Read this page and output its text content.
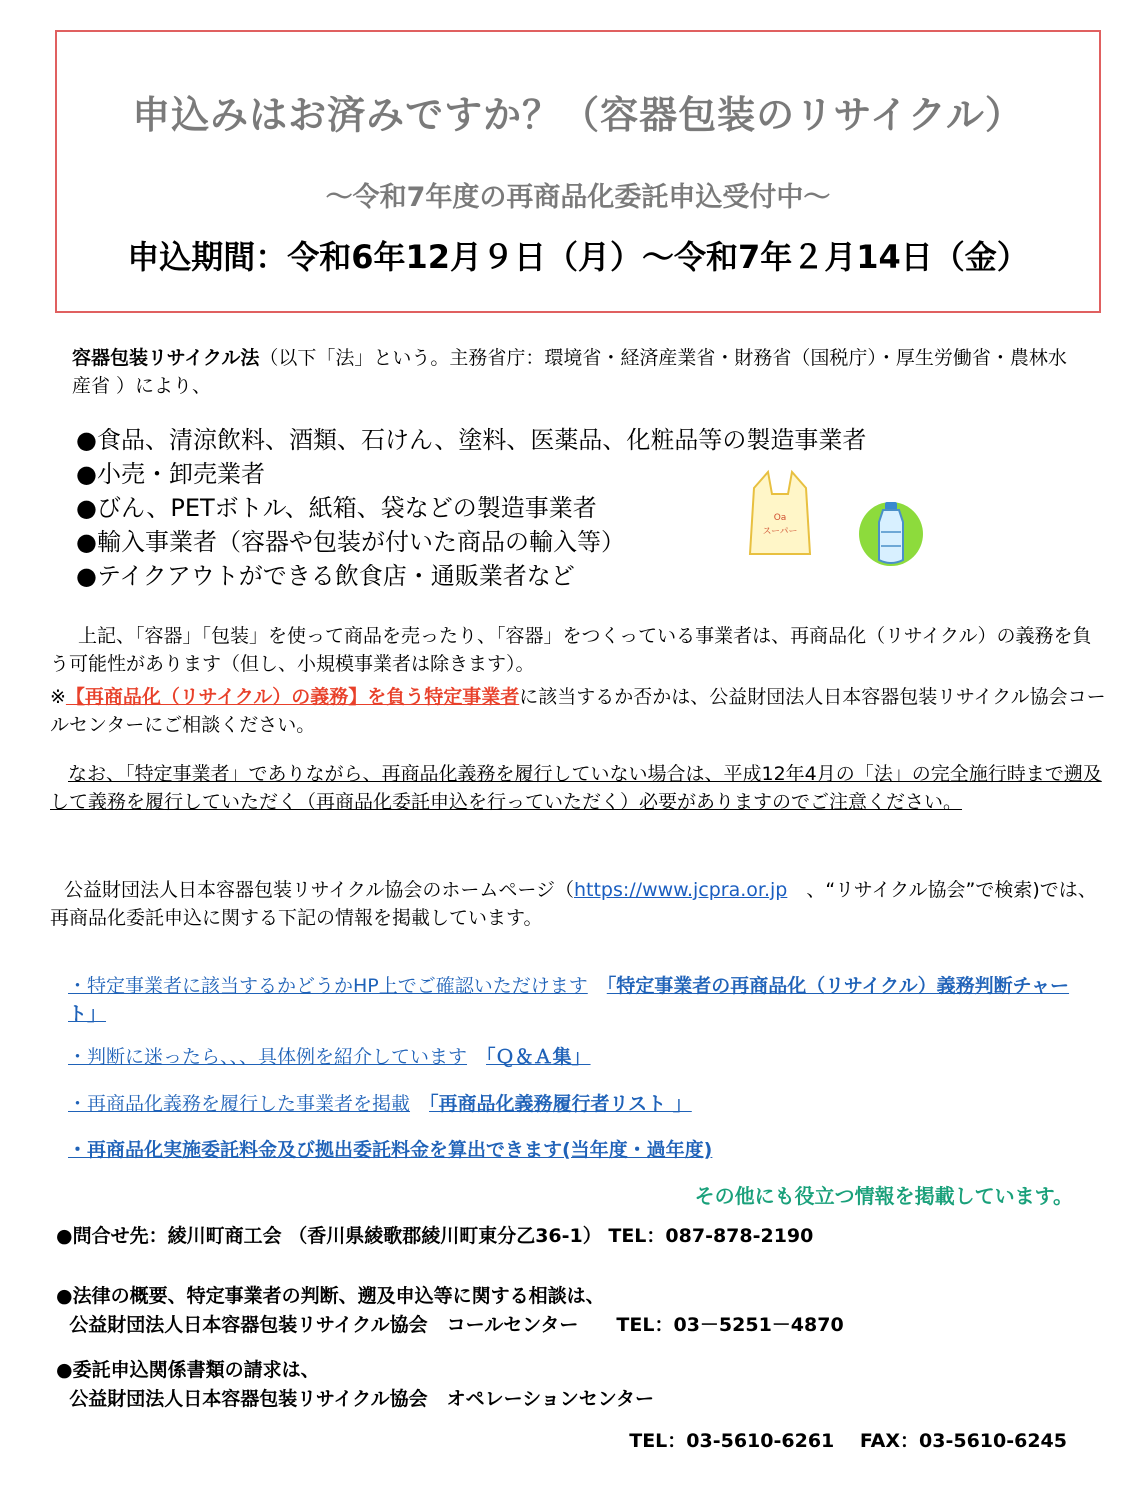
申込みはお済みですか？（容器包装のリサイクル）
～令和7年度の再商品化委託申込受付中～
申込期間：令和6年12月９日（月）～令和7年２月14日（金）
容器包装リサイクル法（以下「法」という。主務省庁：環境省・経済産業省・財務省（国税庁）・厚生労働省・農林水産省 ）により、
●食品、清涼飲料、酒類、石けん、塗料、医薬品、化粧品等の製造事業者
●小売・卸売業者
●びん、PETボトル、紙箱、袋などの製造事業者
●輸入事業者（容器や包装が付いた商品の輸入等）
●テイクアウトができる飲食店・通販業者など
Oa
スーパー
上記、「容器」「包装」を使って商品を売ったり、「容器」をつくっている事業者は、再商品化（リサイクル）の義務を負う可能性があります（但し、小規模事業者は除きます）。
※【再商品化（リサイクル）の義務】を負う特定事業者に該当するか否かは、公益財団法人日本容器包装リサイクル協会コールセンターにご相談ください。
なお、「特定事業者」でありながら、再商品化義務を履行していない場合は、平成12年4月の「法」の完全施行時まで遡及して義務を履行していただく（再商品化委託申込を行っていただく）必要がありますのでご注意ください。
公益財団法人日本容器包装リサイクル協会のホームページ（https://www.jcpra.or.jp　、“リサイクル協会”で検索)では、再商品化委託申込に関する下記の情報を掲載しています。
・特定事業者に該当するかどうかHP上でご確認いただけます　 「特定事業者の再商品化（リサイクル）義務判断チャート」
・判断に迷ったら、、、具体例を紹介しています　 「Ｑ＆Ａ集」
・再商品化義務を履行した事業者を掲載　 「再商品化義務履行者リスト 」
・再商品化実施委託料金及び拠出委託料金を算出できます(当年度・過年度)
その他にも役立つ情報を掲載しています。
●問合せ先：綾川町商工会 （香川県綾歌郡綾川町東分乙36-1） TEL：087-878-2190
●法律の概要、特定事業者の判断、遡及申込等に関する相談は、
公益財団法人日本容器包装リサイクル協会　コールセンター　　TEL：03－5251－4870
●委託申込関係書類の請求は、
公益財団法人日本容器包装リサイクル協会　オペレーションセンター
TEL：03-5610-6261　 FAX：03-5610-6245
